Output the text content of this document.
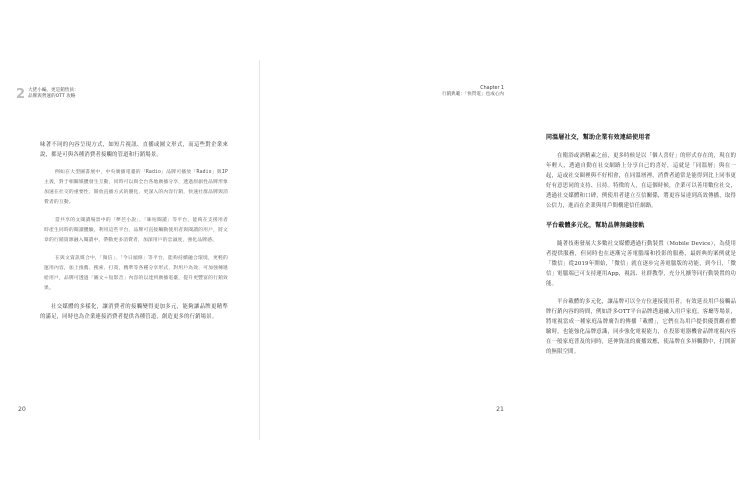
2 大佬小編，更是銷售員：
品牌與營運的OTT 攻略

味著不同的內容呈現方式，如短片視訊、直播或圖文形式，而這些對企業來說，都是可與各種消費者接觸的管道和行銷場景。

例如在大型圖書展中，中央廣播電臺的「Radio」品牌可播放「Radio」與IP主義，對于相關媒體發生互動，同時可以與全台各地廣播分享，透過原創性品牌形象加速在社交的重要性、開放直播方式的優化、更深入的內容行銷，快速社群品牌與消費者的互動。

當共享的文閱讀場景中的「夢芭小說」、「咪咕閱讀」等平台，能夠在支援用者時產生同時的閱讀體驗，利用這些平台，品牌可直接觸動使用者與閱讀的用戶，將文章的行銷資源融入閱讀中，帶動更多消費者，加深用戶的忠誠度，強化品牌感。

在與文資訊媒合中，「微信」、「今日頭條」等平台，能夠持續融合環境，更輕的運用內容，加上推薦、搜索、打賞，精準等各種分享形式，對用戶為效、可加強傳遞給用戶，品牌可透過「圖文＋短影音」內容的以達到廣播電臺，提升更豐富的行銷效果。

社交媒體的多樣化，讓消費者的接觸變得更加多元，能夠讓品牌更精準的滿足，同時也為企業連接消費者提供各種管道，創造更多的行銷場景。

20
Chapter 1
行銷典範：「快閃電」也成心內
同溫層社交，幫助企業有效連結使用者

在衛浴或酒精素之前，更多時候是以「個人喜好」的形式存在的，現在的年輕人，透過自動在社交網路上分享自己的喜好，這就是「同溫層」與在一起，這或社交圈裡與不好相會，在同溫層裡，消費者通常是能得到比上同事更好有意思同的支持、且持。特徵的人，在這個時候，企業可以善用數位社交，透過社交媒體和口碑，例使用者建立互信關係，將更容易達到高效傳播，取得公信力，進而在企業與用戶間構建信任網路。

平台載體多元化，幫助品牌無縫接軌

隨著技術發展大多數社交媒體透過行動裝置（Mobile Device），為使用者提供服務，但同時也在逐漸完善電腦端和投影的服務，最經典的案例就是「微信」從2019年開始，「微信」就在逐步完善電腦版的功能，到今日，「微信」電腦端已可支持運用App，視訊、社群教學，充分凡擴等同行動裝置的功能。

平台載體的多元化，讓品牌可以全方位連接使用者，有效延長用戶接觸品牌行銷內容的時間，例如許多OTT平台品牌透過融入用戶家庭，客廳等場景，將電視當成一種家庭品牌廣告的傳播「載體」，它們在為用戶提供優質觀看體驗時，也能強化品牌意識，同步強化電視能力，在投影電器機會品牌電視內容在一般家庭普及的同時，延伸資訊的廣播效應，使品牌在多屏觸動中，打開新的無限空間。

21
